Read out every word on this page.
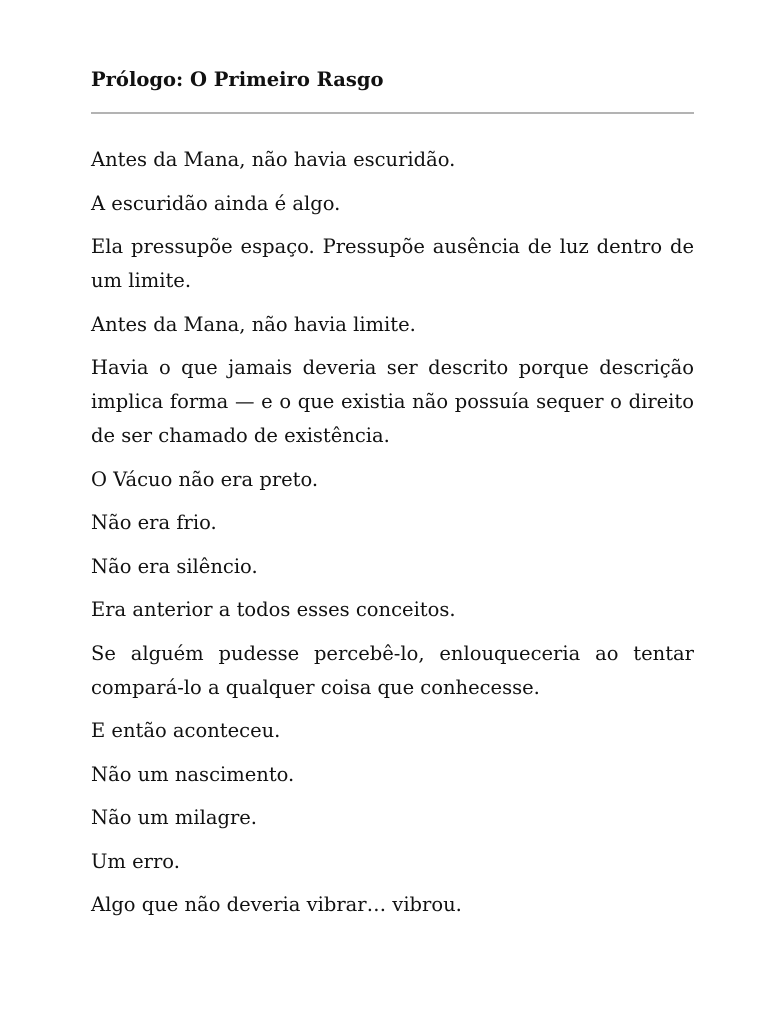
Prólogo: O Primeiro Rasgo

Antes da Mana, não havia escuridão.

A escuridão ainda é algo.

Ela pressupõe espaço. Pressupõe ausência de luz dentro de um limite.

Antes da Mana, não havia limite.

Havia o que jamais deveria ser descrito porque descrição implica forma — e o que existia não possuía sequer o direito de ser chamado de existência.

O Vácuo não era preto.

Não era frio.

Não era silêncio.

Era anterior a todos esses conceitos.

Se alguém pudesse percebê-lo, enlouqueceria ao tentar compará-lo a qualquer coisa que conhecesse.

E então aconteceu.

Não um nascimento.

Não um milagre.

Um erro.

Algo que não deveria vibrar… vibrou.
